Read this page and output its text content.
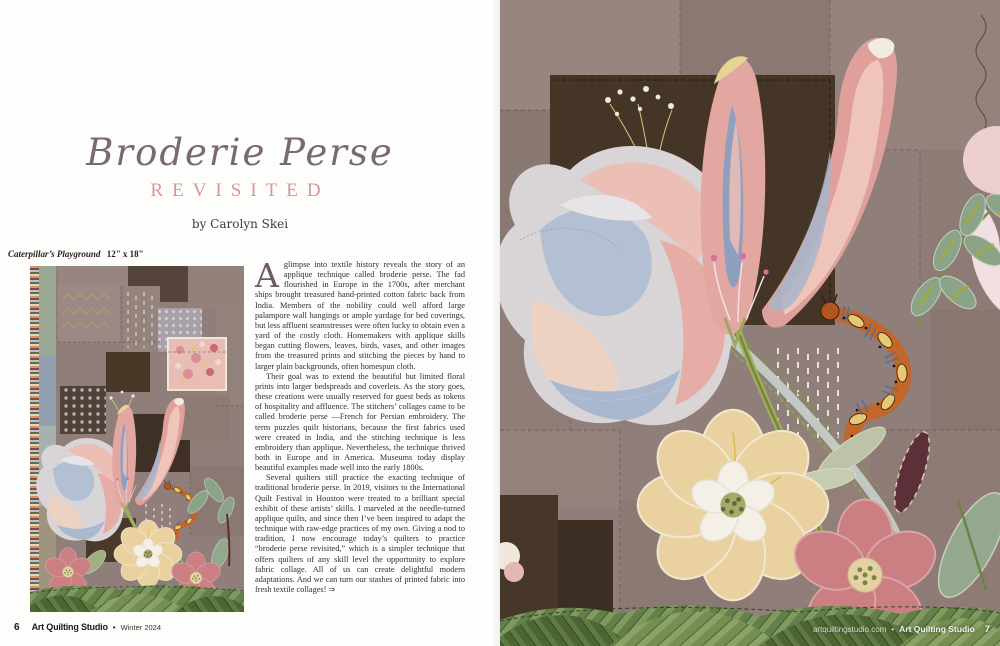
Broderie Perse
REVISITED
by Carolyn Skei
Caterpillar’s Playground 12" x 18"

Aglimpse into textile history reveals the story of an applique technique called broderie perse. The fad flourished in Europe in the 1700s, after merchant ships brought treasured hand-printed cotton fabric back from India. Members of the nobility could well afford large palampore wall hangings or ample yardage for bed coverings, but less affluent seamstresses were often lucky to obtain even a yard of the costly cloth. Homemakers with applique skills began cutting flowers, leaves, birds, vases, and other images from the treasured prints and stitching the pieces by hand to larger plain backgrounds, often homespun cloth.

Their goal was to extend the beautiful but limited floral prints into larger bedspreads and coverlets. As the story goes, these creations were usually reserved for guest beds as tokens of hospitality and affluence. The stitchers’ collages came to be called broderie perse —French for Persian embroidery. The term puzzles quilt historians, because the first fabrics used were created in India, and the stitching technique is less embroidery than applique. Nevertheless, the technique thrived both in Europe and in America. Museums today display beautiful examples made well into the early 1800s.

Several quilters still practice the exacting technique of traditional broderie perse. In 2019, visitors to the International Quilt Festival in Houston were treated to a brilliant special exhibit of these artists’ skills. I marveled at the needle-turned applique quilts, and since then I’ve been inspired to adapt the technique with raw-edge practices of my own. Giving a nod to tradition, I now encourage today’s quilters to practice “broderie perse revisited,” which is a simpler technique that offers quilters of any skill level the opportunity to explore fabric collage. All of us can create delightful modern adaptations. And we can turn our stashes of printed fabric into fresh textile collages! ⇒

6 Art Quilting Studio • Winter 2024	artquiltingstudio.com • Art Quilting Studio 7
